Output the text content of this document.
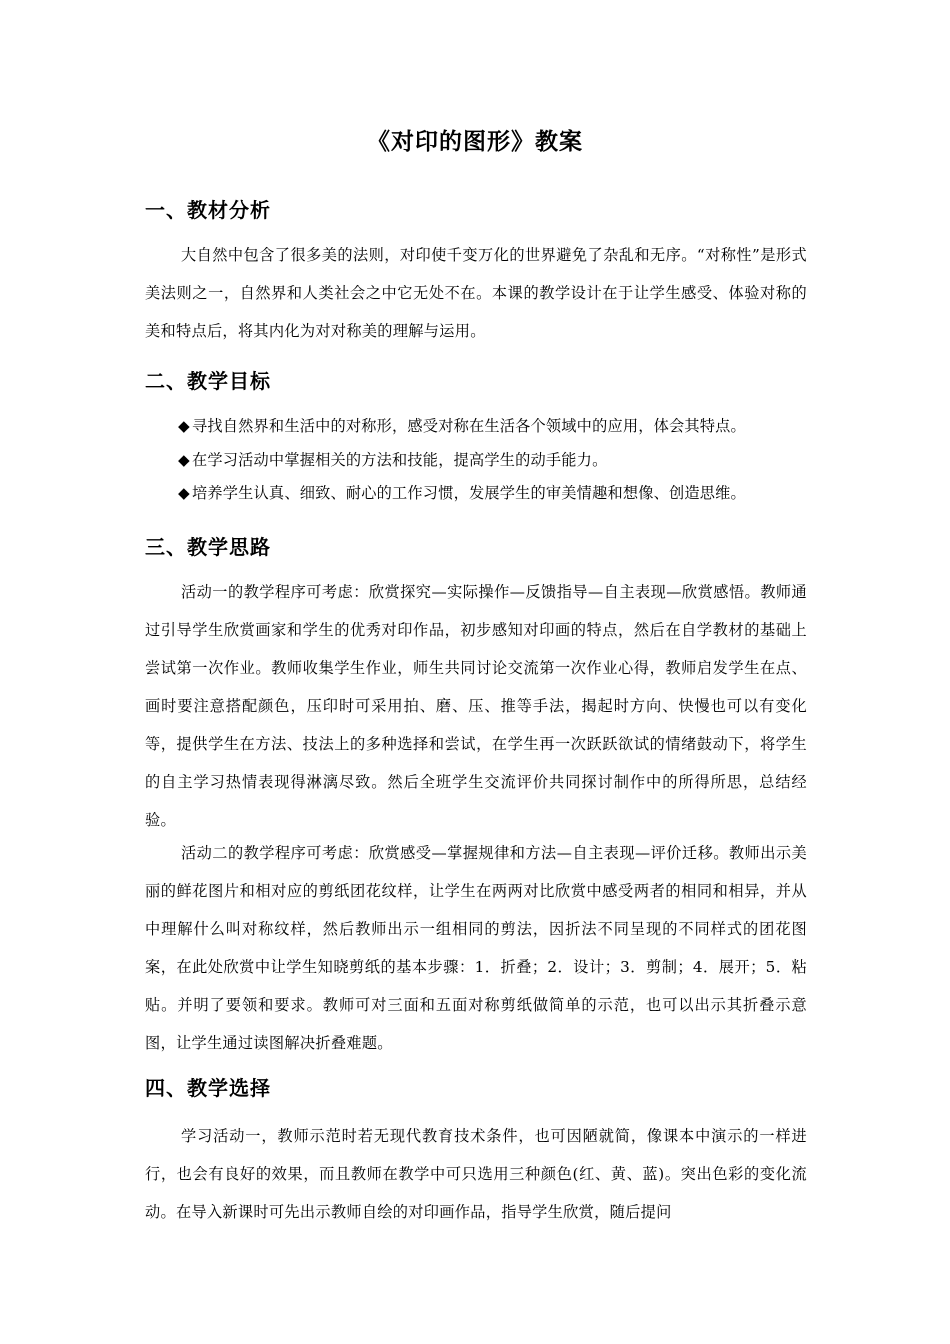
《对印的图形》教案
一、教材分析
大自然中包含了很多美的法则，对印使千变万化的世界避免了杂乱和无序。“对称性”是形式美法则之一，自然界和人类社会之中它无处不在。本课的教学设计在于让学生感受、体验对称的美和特点后，将其内化为对对称美的理解与运用。
二、教学目标
◆ 寻找自然界和生活中的对称形，感受对称在生活各个领域中的应用，体会其特点。
◆ 在学习活动中掌握相关的方法和技能，提高学生的动手能力。
◆ 培养学生认真、细致、耐心的工作习惯，发展学生的审美情趣和想像、创造思维。
三、教学思路
活动一的教学程序可考虑：欣赏探究—实际操作—反馈指导—自主表现—欣赏感悟。教师通过引导学生欣赏画家和学生的优秀对印作品，初步感知对印画的特点，然后在自学教材的基础上尝试第一次作业。教师收集学生作业，师生共同讨论交流第一次作业心得，教师启发学生在点、画时要注意搭配颜色，压印时可采用拍、磨、压、推等手法，揭起时方向、快慢也可以有变化等，提供学生在方法、技法上的多种选择和尝试，在学生再一次跃跃欲试的情绪鼓动下，将学生的自主学习热情表现得淋漓尽致。然后全班学生交流评价共同探讨制作中的所得所思，总结经验。
活动二的教学程序可考虑：欣赏感受—掌握规律和方法—自主表现—评价迁移。教师出示美丽的鲜花图片和相对应的剪纸团花纹样，让学生在两两对比欣赏中感受两者的相同和相异，并从中理解什么叫对称纹样，然后教师出示一组相同的剪法，因折法不同呈现的不同样式的团花图案，在此处欣赏中让学生知晓剪纸的基本步骤：1．折叠；2．设计；3．剪制；4．展开；5．粘贴。并明了要领和要求。教师可对三面和五面对称剪纸做简单的示范，也可以出示其折叠示意图，让学生通过读图解决折叠难题。
四、教学选择
学习活动一，教师示范时若无现代教育技术条件，也可因陋就简，像课本中演示的一样进行，也会有良好的效果，而且教师在教学中可只选用三种颜色(红、黄、蓝)。突出色彩的变化流动。在导入新课时可先出示教师自绘的对印画作品，指导学生欣赏，随后提问
